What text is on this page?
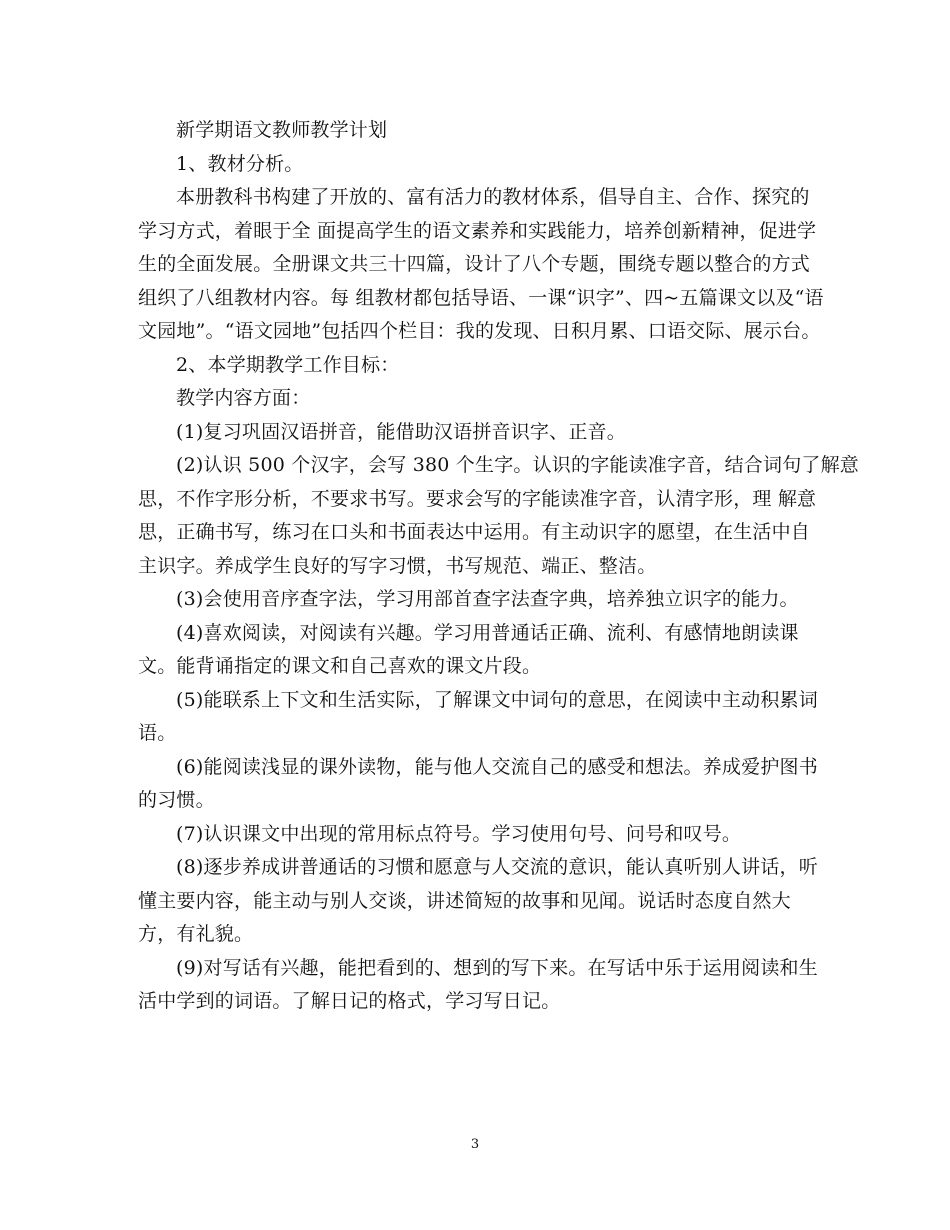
新学期语文教师教学计划
1、教材分析。
本册教科书构建了开放的、富有活力的教材体系，倡导自主、合作、探究的
学习方式，着眼于全 面提高学生的语文素养和实践能力，培养创新精神，促进学
生的全面发展。全册课文共三十四篇，设计了八个专题，围绕专题以整合的方式
组织了八组教材内容。每 组教材都包括导语、一课“识字”、四~五篇课文以及“语
文园地”。“语文园地”包括四个栏目：我的发现、日积月累、口语交际、展示台。
2、本学期教学工作目标：
教学内容方面：
(1)复习巩固汉语拼音，能借助汉语拼音识字、正音。
(2)认识 500 个汉字，会写 380 个生字。认识的字能读准字音，结合词句了解意
思，不作字形分析，不要求书写。要求会写的字能读准字音，认清字形，理 解意
思，正确书写，练习在口头和书面表达中运用。有主动识字的愿望，在生活中自
主识字。养成学生良好的写字习惯，书写规范、端正、整洁。
(3)会使用音序查字法，学习用部首查字法查字典，培养独立识字的能力。
(4)喜欢阅读，对阅读有兴趣。学习用普通话正确、流利、有感情地朗读课
文。能背诵指定的课文和自己喜欢的课文片段。
(5)能联系上下文和生活实际，了解课文中词句的意思，在阅读中主动积累词
语。
(6)能阅读浅显的课外读物，能与他人交流自己的感受和想法。养成爱护图书
的习惯。
(7)认识课文中出现的常用标点符号。学习使用句号、问号和叹号。
(8)逐步养成讲普通话的习惯和愿意与人交流的意识，能认真听别人讲话，听
懂主要内容，能主动与别人交谈，讲述简短的故事和见闻。说话时态度自然大
方，有礼貌。
(9)对写话有兴趣，能把看到的、想到的写下来。在写话中乐于运用阅读和生
活中学到的词语。了解日记的格式，学习写日记。
3
